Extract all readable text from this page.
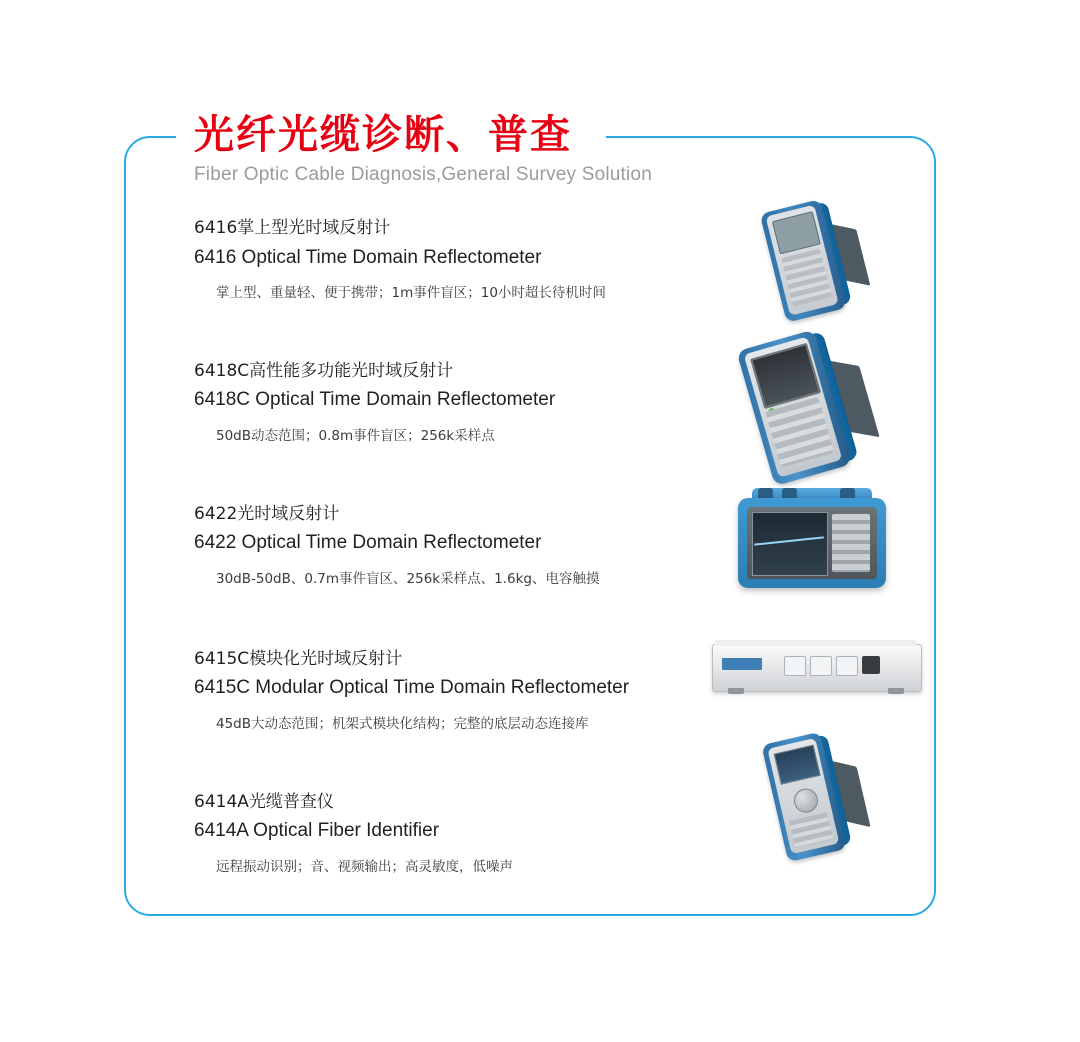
光纤光缆诊断、普查
Fiber Optic Cable Diagnosis,General Survey Solution
6416掌上型光时域反射计
6416 Optical Time Domain Reflectometer
掌上型、重量轻、便于携带；1m事件盲区；10小时超长待机时间
6418C高性能多功能光时域反射计
6418C Optical Time Domain Reflectometer
50dB动态范围；0.8m事件盲区；256k采样点
6422光时域反射计
6422 Optical Time Domain Reflectometer
30dB-50dB、0.7m事件盲区、256k采样点、1.6kg、电容触摸
6415C模块化光时域反射计
6415C Modular Optical Time Domain Reflectometer
45dB大动态范围；机架式模块化结构；完整的底层动态连接库
6414A光缆普查仪
6414A Optical Fiber Identifier
远程振动识别；音、视频输出；高灵敏度，低噪声
